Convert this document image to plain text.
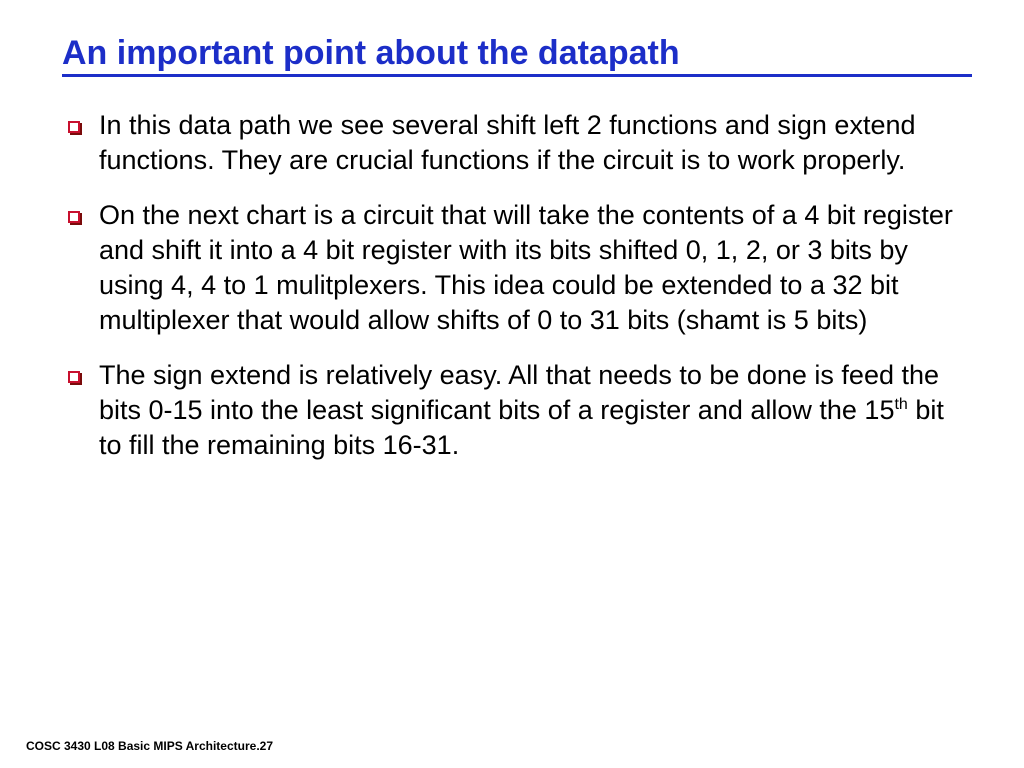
An important point about the datapath
In this data path we see several shift left 2 functions and sign extend functions. They are crucial functions if the circuit is to work properly.
On the next chart is a circuit that will take the contents of a 4 bit register and shift it into a 4 bit register with its bits shifted 0, 1, 2, or 3 bits by using 4, 4 to 1 mulitplexers. This idea could be extended to a 32 bit multiplexer that would allow shifts of 0 to 31 bits (shamt is 5 bits)
The sign extend is relatively easy. All that needs to be done is feed the bits 0-15 into the least significant bits of a register and allow the 15th bit to fill the remaining bits 16-31.
COSC 3430 L08 Basic MIPS Architecture.27
